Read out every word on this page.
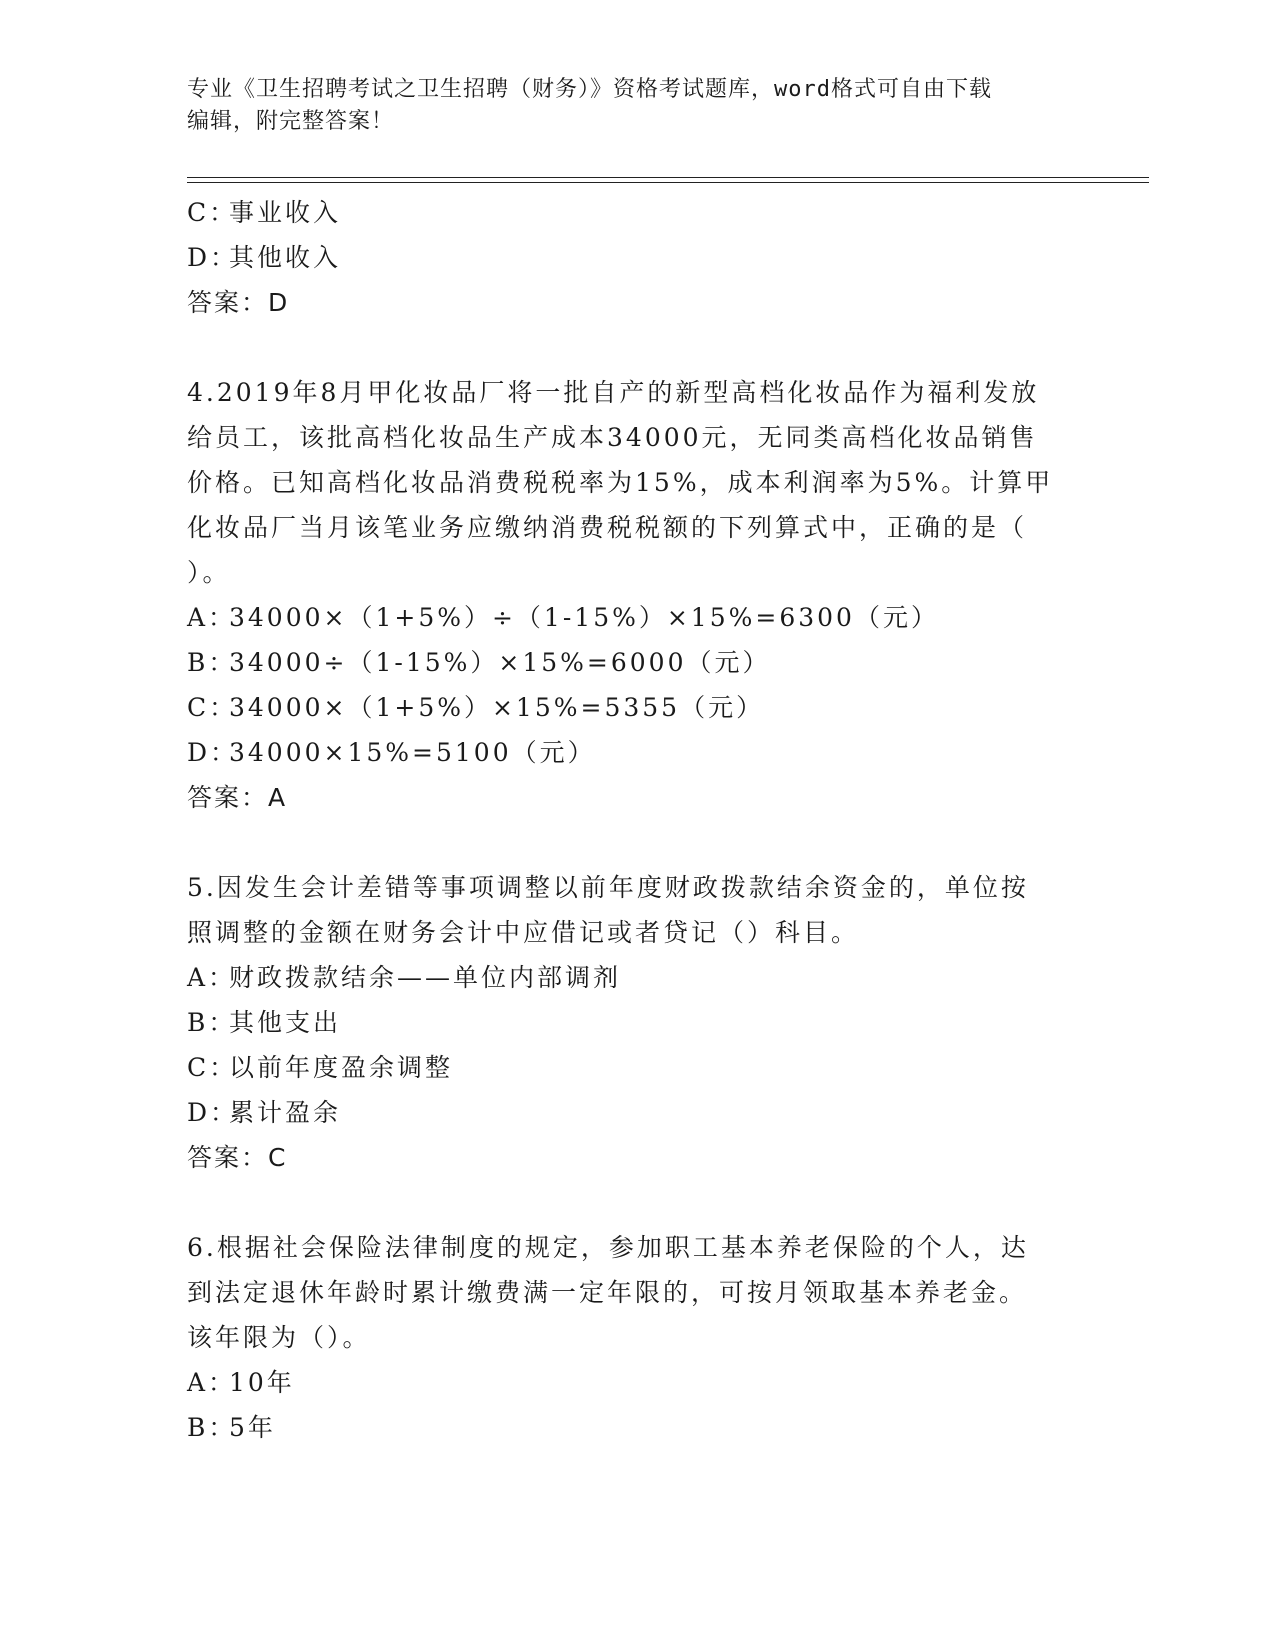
专业《卫生招聘考试之卫生招聘（财务）》资格考试题库，word格式可自由下载
编辑，附完整答案！
C：事业收入
D：其他收入
答案：D
4.2019年8月甲化妆品厂将一批自产的新型高档化妆品作为福利发放
给员工，该批高档化妆品生产成本34000元，无同类高档化妆品销售
价格。已知高档化妆品消费税税率为15%，成本利润率为5%。计算甲
化妆品厂当月该笔业务应缴纳消费税税额的下列算式中，正确的是（
）。
A：34000×（1+5%）÷（1-15%）×15%=6300（元）
B：34000÷（1-15%）×15%=6000（元）
C：34000×（1+5%）×15%=5355（元）
D：34000×15%=5100（元）
答案：A
5.因发生会计差错等事项调整以前年度财政拨款结余资金的，单位按
照调整的金额在财务会计中应借记或者贷记（）科目。
A：财政拨款结余——单位内部调剂
B：其他支出
C：以前年度盈余调整
D：累计盈余
答案：C
6.根据社会保险法律制度的规定，参加职工基本养老保险的个人，达
到法定退休年龄时累计缴费满一定年限的，可按月领取基本养老金。
该年限为（）。
A：10年
B：5年
